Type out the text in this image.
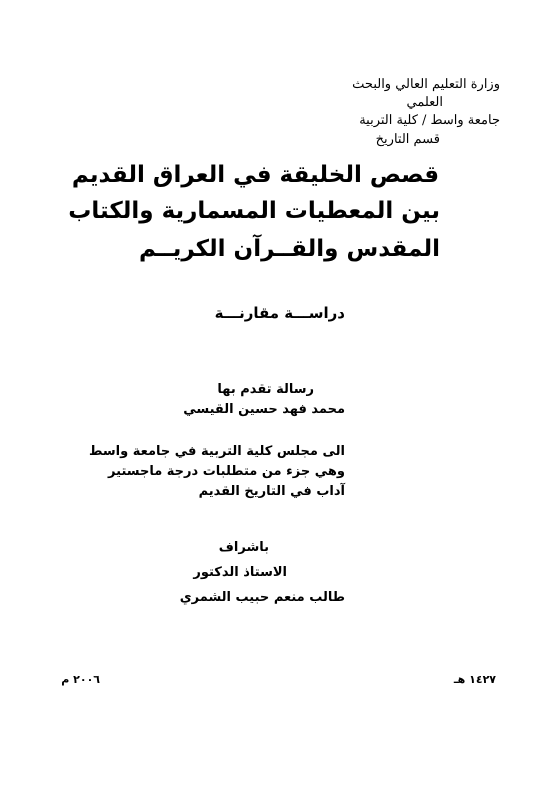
وزارة التعليم العالي والبحث
العلمي
جامعة واسط / كلية التربية
قسم التاريخ
قصص الخليقة في العراق القديم
بين المعطيات المسمارية والكتاب
المقدس والقــرآن الكريــم
دراســـة مقارنـــة
رسالة تقدم بها
محمد فهد حسين القيسي
الى مجلس كلية التربية في جامعة واسط
وهي جزء من متطلبات درجة ماجستير
آداب في التاريخ القديم
باشراف
الاستاذ الدكتور
طالب منعم حبيب الشمري
١٤٢٧ هـ
٢٠٠٦ م
